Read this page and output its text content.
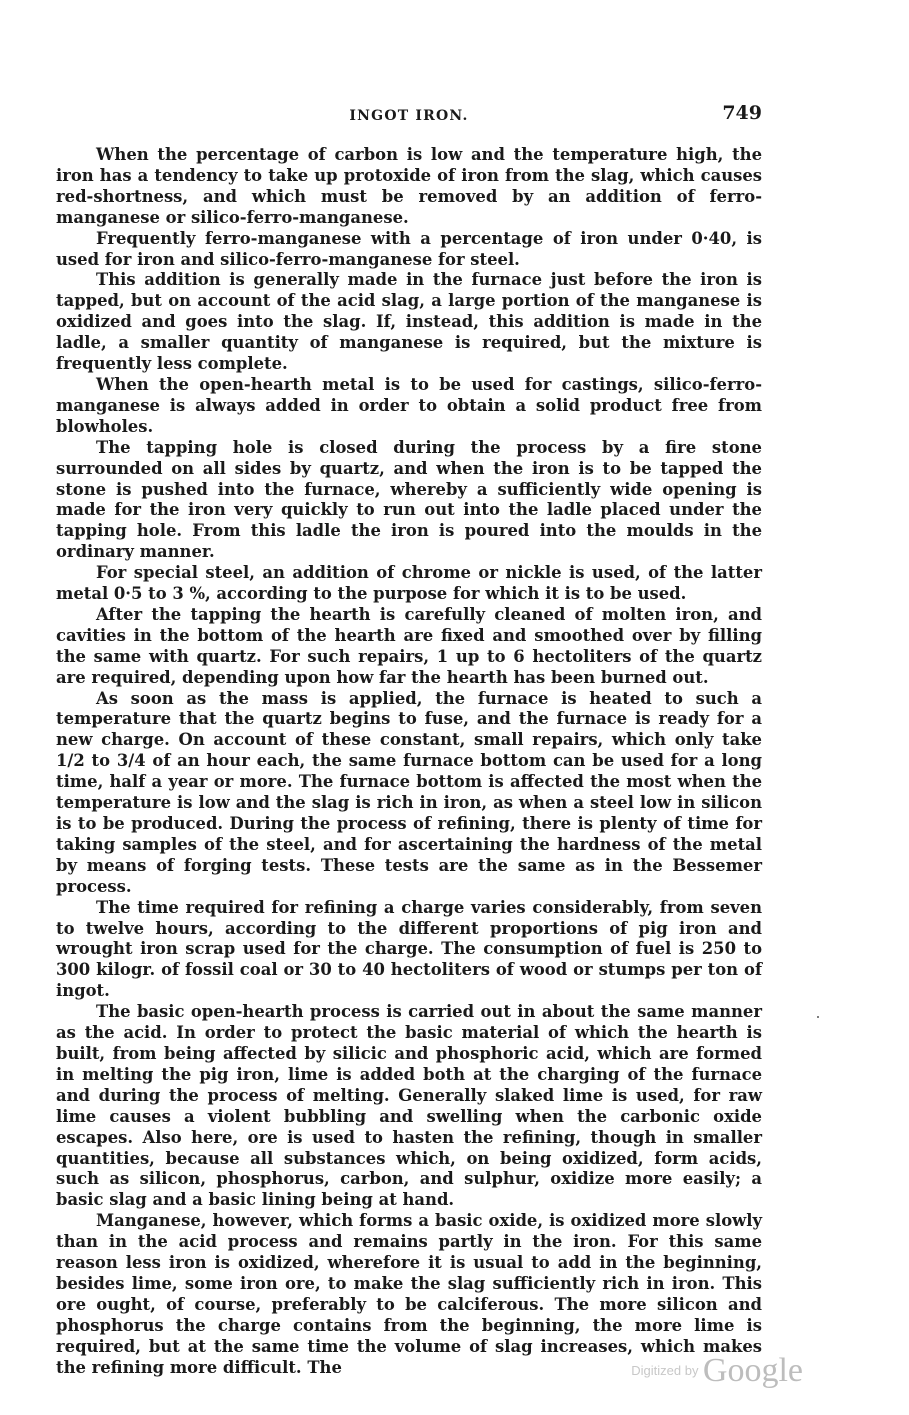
INGOT IRON.	749

When the percentage of carbon is low and the temperature high, the iron has a tendency to take up protoxide of iron from the slag, which causes red-shortness, and which must be removed by an addition of ferro-manganese or silico-ferro-manganese.

Frequently ferro-manganese with a percentage of iron under 0·40, is used for iron and silico-ferro-manganese for steel.

This addition is generally made in the furnace just before the iron is tapped, but on account of the acid slag, a large portion of the manganese is oxidized and goes into the slag. If, instead, this addition is made in the ladle, a smaller quantity of manganese is required, but the mixture is frequently less complete.

When the open-hearth metal is to be used for castings, silico-ferro-manganese is always added in order to obtain a solid product free from blowholes.

The tapping hole is closed during the process by a fire stone surrounded on all sides by quartz, and when the iron is to be tapped the stone is pushed into the furnace, whereby a sufficiently wide opening is made for the iron very quickly to run out into the ladle placed under the tapping hole. From this ladle the iron is poured into the moulds in the ordinary manner.

For special steel, an addition of chrome or nickle is used, of the latter metal 0·5 to 3 %, according to the purpose for which it is to be used.

After the tapping the hearth is carefully cleaned of molten iron, and cavities in the bottom of the hearth are fixed and smoothed over by filling the same with quartz. For such repairs, 1 up to 6 hectoliters of the quartz are required, depending upon how far the hearth has been burned out.

As soon as the mass is applied, the furnace is heated to such a temperature that the quartz begins to fuse, and the furnace is ready for a new charge. On account of these constant, small repairs, which only take 1/2 to 3/4 of an hour each, the same furnace bottom can be used for a long time, half a year or more. The furnace bottom is affected the most when the temperature is low and the slag is rich in iron, as when a steel low in silicon is to be produced. During the process of refining, there is plenty of time for taking samples of the steel, and for ascertaining the hardness of the metal by means of forging tests. These tests are the same as in the Bessemer process.

The time required for refining a charge varies considerably, from seven to twelve hours, according to the different proportions of pig iron and wrought iron scrap used for the charge. The consumption of fuel is 250 to 300 kilogr. of fossil coal or 30 to 40 hectoliters of wood or stumps per ton of ingot.

The basic open-hearth process is carried out in about the same manner as the acid. In order to protect the basic material of which the hearth is built, from being affected by silicic and phosphoric acid, which are formed in melting the pig iron, lime is added both at the charging of the furnace and during the process of melting. Generally slaked lime is used, for raw lime causes a violent bubbling and swelling when the carbonic oxide escapes. Also here, ore is used to hasten the refining, though in smaller quantities, because all substances which, on being oxidized, form acids, such as silicon, phosphorus, carbon, and sulphur, oxidize more easily; a basic slag and a basic lining being at hand.

Manganese, however, which forms a basic oxide, is oxidized more slowly than in the acid process and remains partly in the iron. For this same reason less iron is oxidized, wherefore it is usual to add in the beginning, besides lime, some iron ore, to make the slag sufficiently rich in iron. This ore ought, of course, preferably to be calciferous. The more silicon and phosphorus the charge contains from the beginning, the more lime is required, but at the same time the volume of slag increases, which makes the refining more difficult. The	$^{Digitized by}$ Google
